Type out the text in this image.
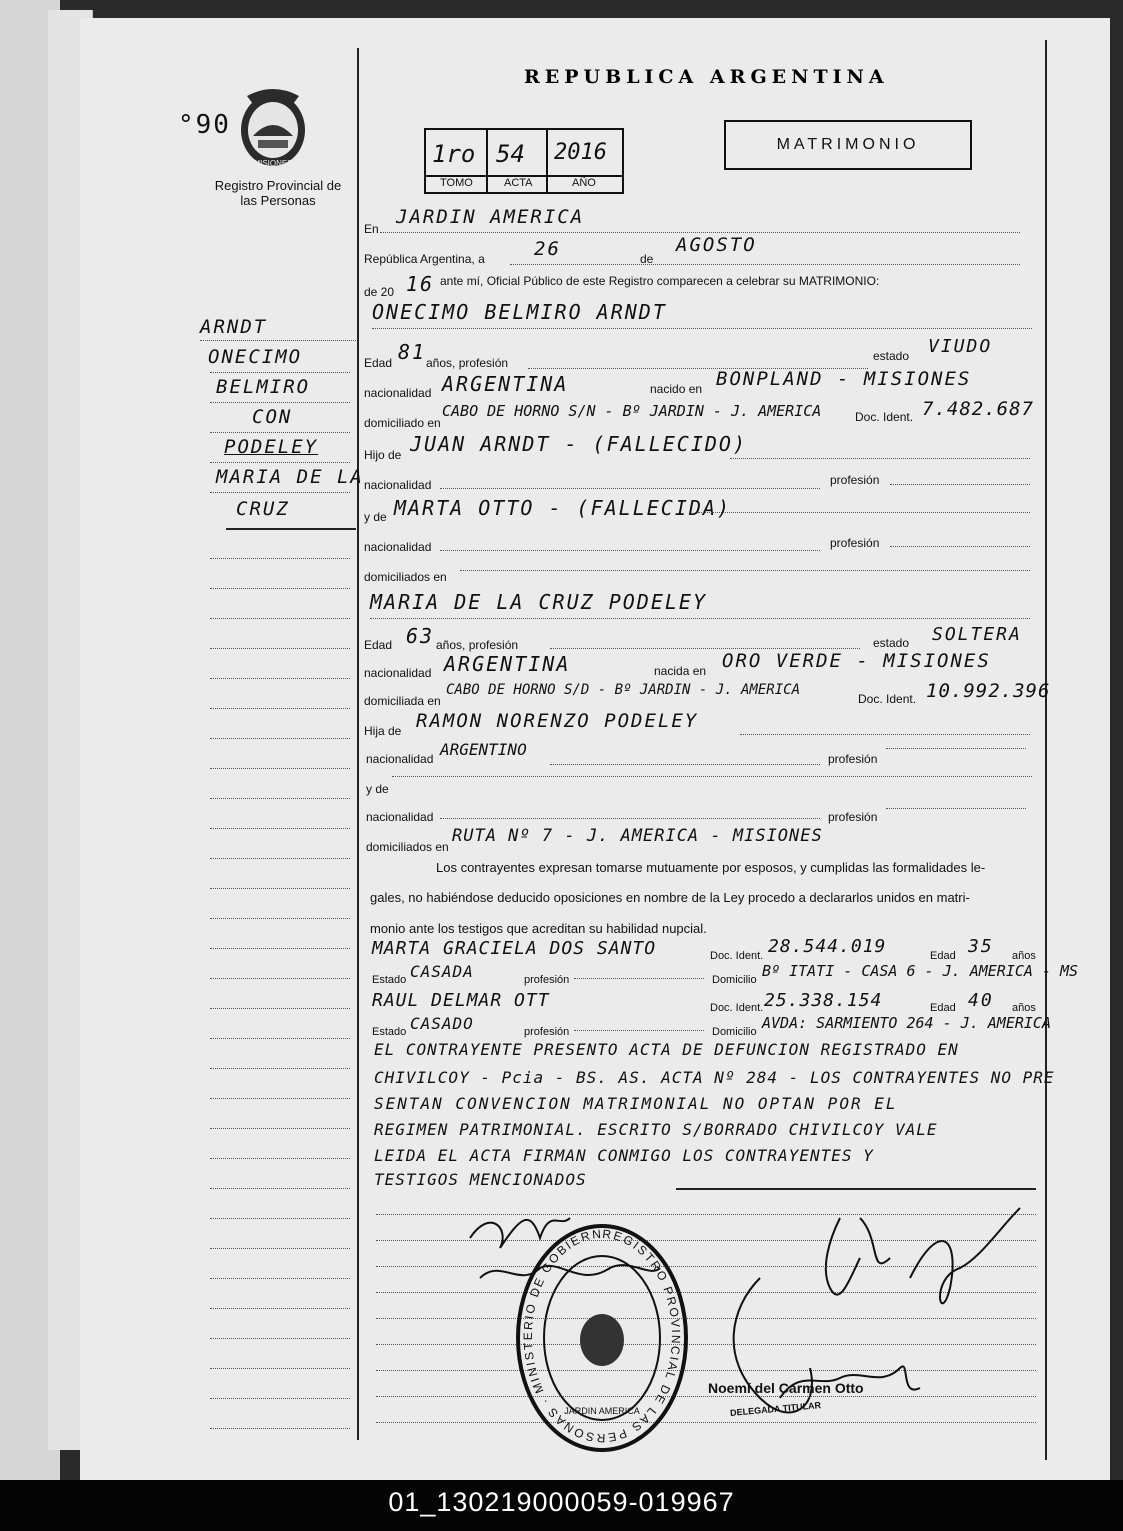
°90
MISIONES
Registro Provincial de las Personas
REPUBLICA ARGENTINA
1ro 54 2016
TOMO	ACTA	AÑO
MATRIMONIO
ARNDT
ONECIMO
BELMIRO
CON
PODELEY
MARIA DE LA
CRUZ
En
JARDIN AMERICA
República Argentina, a	26	de
AGOSTO
de 20 16 ante mí, Oficial Público de este Registro comparecen a celebrar su MATRIMONIO:
ONECIMO BELMIRO ARNDT
Edad 81 años, profesión	estado VIUDO
nacionalidad ARGENTINA	nacido en BONPLAND - MISIONES
domiciliado en
CABO DE HORNO S/N - Bº JARDIN - J. AMERICA	Doc. Ident. 7.482.687
Hijo de JUAN ARNDT - (FALLECIDO)
nacionalidad	profesión
y de MARTA OTTO - (FALLECIDA)
nacionalidad	profesión
domiciliados en
MARIA DE LA CRUZ PODELEY
Edad 63 años, profesión	estado SOLTERA
nacionalidad ARGENTINA	nacida en ORO VERDE - MISIONES
domiciliada en
CABO DE HORNO S/D - Bº JARDIN - J. AMERICA
Doc. Ident. 10.992.396
Hija de RAMON NORENZO PODELEY
nacionalidad ARGENTINO	profesión
y de
nacionalidad	profesión
domiciliados en
RUTA Nº 7 - J. AMERICA - MISIONES
Los contrayentes expresan tomarse mutuamente por esposos, y cumplidas las formalidades le-
gales, no habiéndose deducido oposiciones en nombre de la Ley procedo a declararlos unidos en matri-
monio ante los testigos que acreditan su habilidad nupcial.
MARTA GRACIELA DOS SANTO	Doc. Ident. 28.544.019	Edad 35 años
Estado CASADA	profesión	Domicilio Bº ITATI - CASA 6 - J. AMERICA - MS
RAUL DELMAR OTT	Doc. Ident. 25.338.154	Edad 40 años
Estado CASADO	profesión	Domicilio AVDA: SARMIENTO 264 - J. AMERICA
EL CONTRAYENTE PRESENTO ACTA DE DEFUNCION REGISTRADO EN
CHIVILCOY - Pcia - BS. AS. ACTA Nº 284 - LOS CONTRAYENTES NO PRE
SENTAN CONVENCION MATRIMONIAL NO OPTAN POR EL
REGIMEN PATRIMONIAL. ESCRITO S/BORRADO CHIVILCOY VALE
LEIDA EL ACTA FIRMAN CONMIGO LOS CONTRAYENTES Y
TESTIGOS MENCIONADOS
REGISTRO PROVINCIAL DE LAS PERSONAS · MINISTERIO DE GOBIERN
JARDIN AMERICA
Noemí del Carmen Otto
DELEGADA TITULAR
01_130219000059-019967
